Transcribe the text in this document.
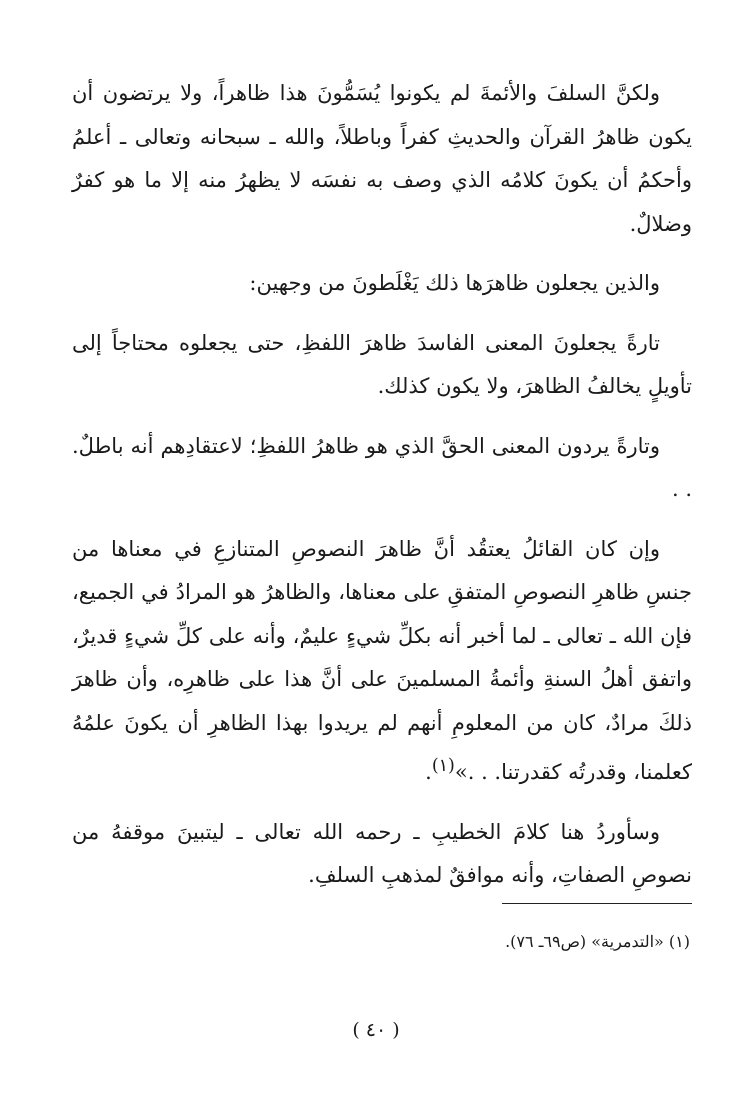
ولكنَّ السلفَ والأئمةَ لم يكونوا يُسَمُّونَ هذا ظاهراً، ولا يرتضون أن يكون ظاهرُ القرآن والحديثِ كفراً وباطلاً، والله ـ سبحانه وتعالى ـ أعلمُ وأحكمُ أن يكونَ كلامُه الذي وصف به نفسَه لا يظهرُ منه إلا ما هو كفرٌ وضلالٌ.

والذين يجعلون ظاهرَها ذلك يَغْلَطونَ من وجهين:

تارةً يجعلونَ المعنى الفاسدَ ظاهرَ اللفظِ، حتى يجعلوه محتاجاً إلى تأويلٍ يخالفُ الظاهرَ، ولا يكون كذلك.

وتارةً يردون المعنى الحقَّ الذي هو ظاهرُ اللفظِ؛ لاعتقادِهم أنه باطلٌ. . .

وإن كان القائلُ يعتقُد أنَّ ظاهرَ النصوصِ المتنازعِ في معناها من جنسِ ظاهرِ النصوصِ المتفقِ على معناها، والظاهرُ هو المرادُ في الجميع، فإن الله ـ تعالى ـ لما أخبر أنه بكلِّ شيءٍ عليمٌ، وأنه على كلِّ شيءٍ قديرٌ، واتفق أهلُ السنةِ وأئمةُ المسلمينَ على أنَّ هذا على ظاهرِه، وأن ظاهرَ ذلكَ مرادٌ، كان من المعلومِ أنهم لم يريدوا بهذا الظاهرِ أن يكونَ علمُهُ كعلمنا، وقدرتُه كقدرتنا. . .»$^{(١)}$.

وسأوردُ هنا كلامَ الخطيبِ ـ رحمه الله تعالى ـ ليتبينَ موقفهُ من نصوصِ الصفاتِ، وأنه موافقٌ لمذهبِ السلفِ.

(١) «التدمرية» (ص٦٩ـ ٧٦).
( ٤٠ )
